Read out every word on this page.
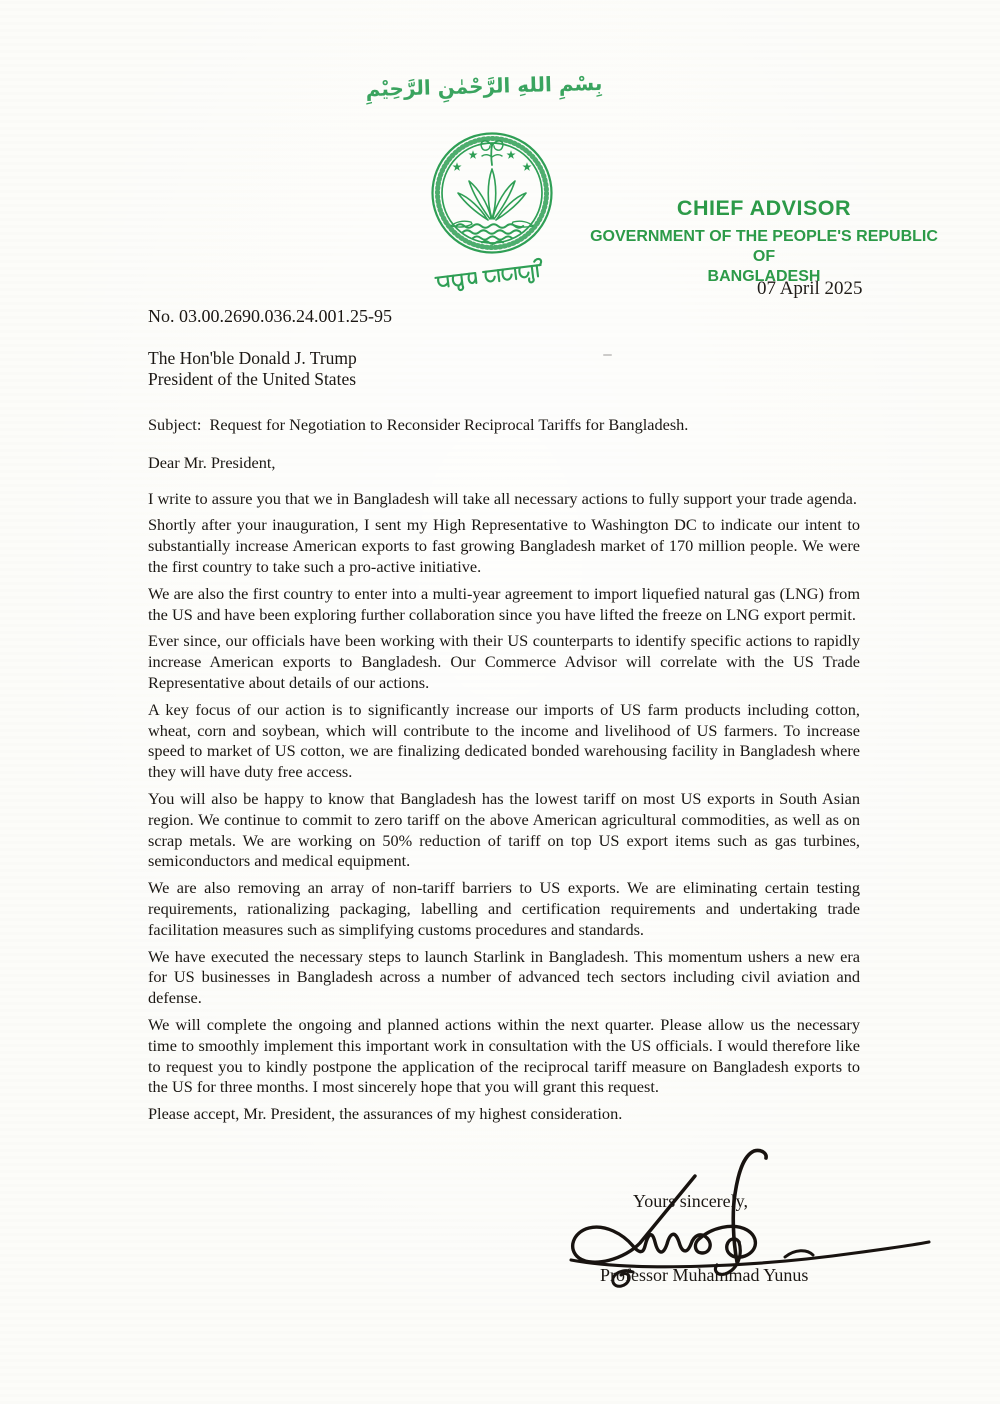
بِسْمِ اللهِ الرَّحْمٰنِ الرَّحِيْمِ
CHIEF ADVISOR
GOVERNMENT OF THE PEOPLE'S REPUBLIC OF
BANGLADESH
07 April 2025
No. 03.00.2690.036.24.001.25-95
The Hon'ble Donald J. Trump
President of the United States

Subject:  Request for Negotiation to Reconsider Reciprocal Tariffs for Bangladesh.

Dear Mr. President,

I write to assure you that we in Bangladesh will take all necessary actions to fully support your trade agenda.

Shortly after your inauguration, I sent my High Representative to Washington DC to indicate our intent to substantially increase American exports to fast growing Bangladesh market of 170 million people. We were the first country to take such a pro-active initiative.

We are also the first country to enter into a multi-year agreement to import liquefied natural gas (LNG) from the US and have been exploring further collaboration since you have lifted the freeze on LNG export permit.

Ever since, our officials have been working with their US counterparts to identify specific actions to rapidly increase American exports to Bangladesh. Our Commerce Advisor will correlate with the US Trade Representative about details of our actions.

A key focus of our action is to significantly increase our imports of US farm products including cotton, wheat, corn and soybean, which will contribute to the income and livelihood of US farmers. To increase speed to market of US cotton, we are finalizing dedicated bonded warehousing facility in Bangladesh where they will have duty free access.

You will also be happy to know that Bangladesh has the lowest tariff on most US exports in South Asian region. We continue to commit to zero tariff on the above American agricultural commodities, as well as on scrap metals. We are working on 50% reduction of tariff on top US export items such as gas turbines, semiconductors and medical equipment.

We are also removing an array of non-tariff barriers to US exports. We are eliminating certain testing requirements, rationalizing packaging, labelling and certification requirements and undertaking trade facilitation measures such as simplifying customs procedures and standards.

We have executed the necessary steps to launch Starlink in Bangladesh. This momentum ushers a new era for US businesses in Bangladesh across a number of advanced tech sectors including civil aviation and defense.

We will complete the ongoing and planned actions within the next quarter. Please allow us the necessary time to smoothly implement this important work in consultation with the US officials. I would therefore like to request you to kindly postpone the application of the reciprocal tariff measure on Bangladesh exports to the US for three months. I most sincerely hope that you will grant this request.

Please accept, Mr. President, the assurances of my highest consideration.

Yours sincerely,
Professor Muhammad Yunus
